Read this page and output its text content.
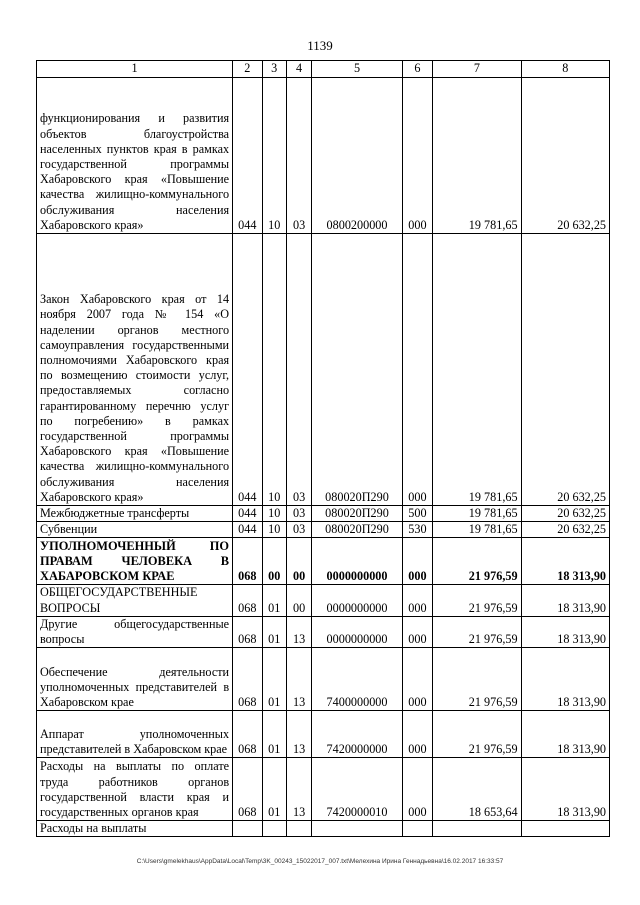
1139
1	2	3	4	5	6	7	8
функционирования и развития объектов благоустройства населенных пунктов края в рамках государственной программы Хабаровского края «Повышение качества жилищно-коммунального обслуживания населения Хабаровского края»	044	10	03	0800200000	000	19 781,65	20 632,25
Закон Хабаровского края от 14 ноября 2007 года № 154 «О наделении органов местного самоуправления государственными полномочиями Хабаровского края по возмещению стоимости услуг, предоставляемых согласно гарантированному перечню услуг по погребению» в рамках государственной программы Хабаровского края «Повышение качества жилищно-коммунального обслуживания населения Хабаровского края»	044	10	03	080020П290	000	19 781,65	20 632,25
Межбюджетные трансферты	044	10	03	080020П290	500	19 781,65	20 632,25
Субвенции	044	10	03	080020П290	530	19 781,65	20 632,25
УПОЛНОМОЧЕННЫЙ ПО ПРАВАМ ЧЕЛОВЕКА В ХАБАРОВСКОМ КРАЕ	068	00	00	0000000000	000	21 976,59	18 313,90
ОБЩЕГОСУДАРСТВЕННЫЕ ВОПРОСЫ	068	01	00	0000000000	000	21 976,59	18 313,90
Другие общегосударственные вопросы	068	01	13	0000000000	000	21 976,59	18 313,90
Обеспечение деятельности уполномоченных представителей в Хабаровском крае	068	01	13	7400000000	000	21 976,59	18 313,90
Аппарат уполномоченных представителей в Хабаровском крае	068	01	13	7420000000	000	21 976,59	18 313,90
Расходы на выплаты по оплате труда работников органов государственной власти края и государственных органов края	068	01	13	7420000010	000	18 653,64	18 313,90
Расходы на выплаты							
C:\Users\gmelekhaus\AppData\Local\Temp\3K_00243_15022017_007.txt\Мелехина Ирина Геннадьевна\16.02.2017 16:33:57
